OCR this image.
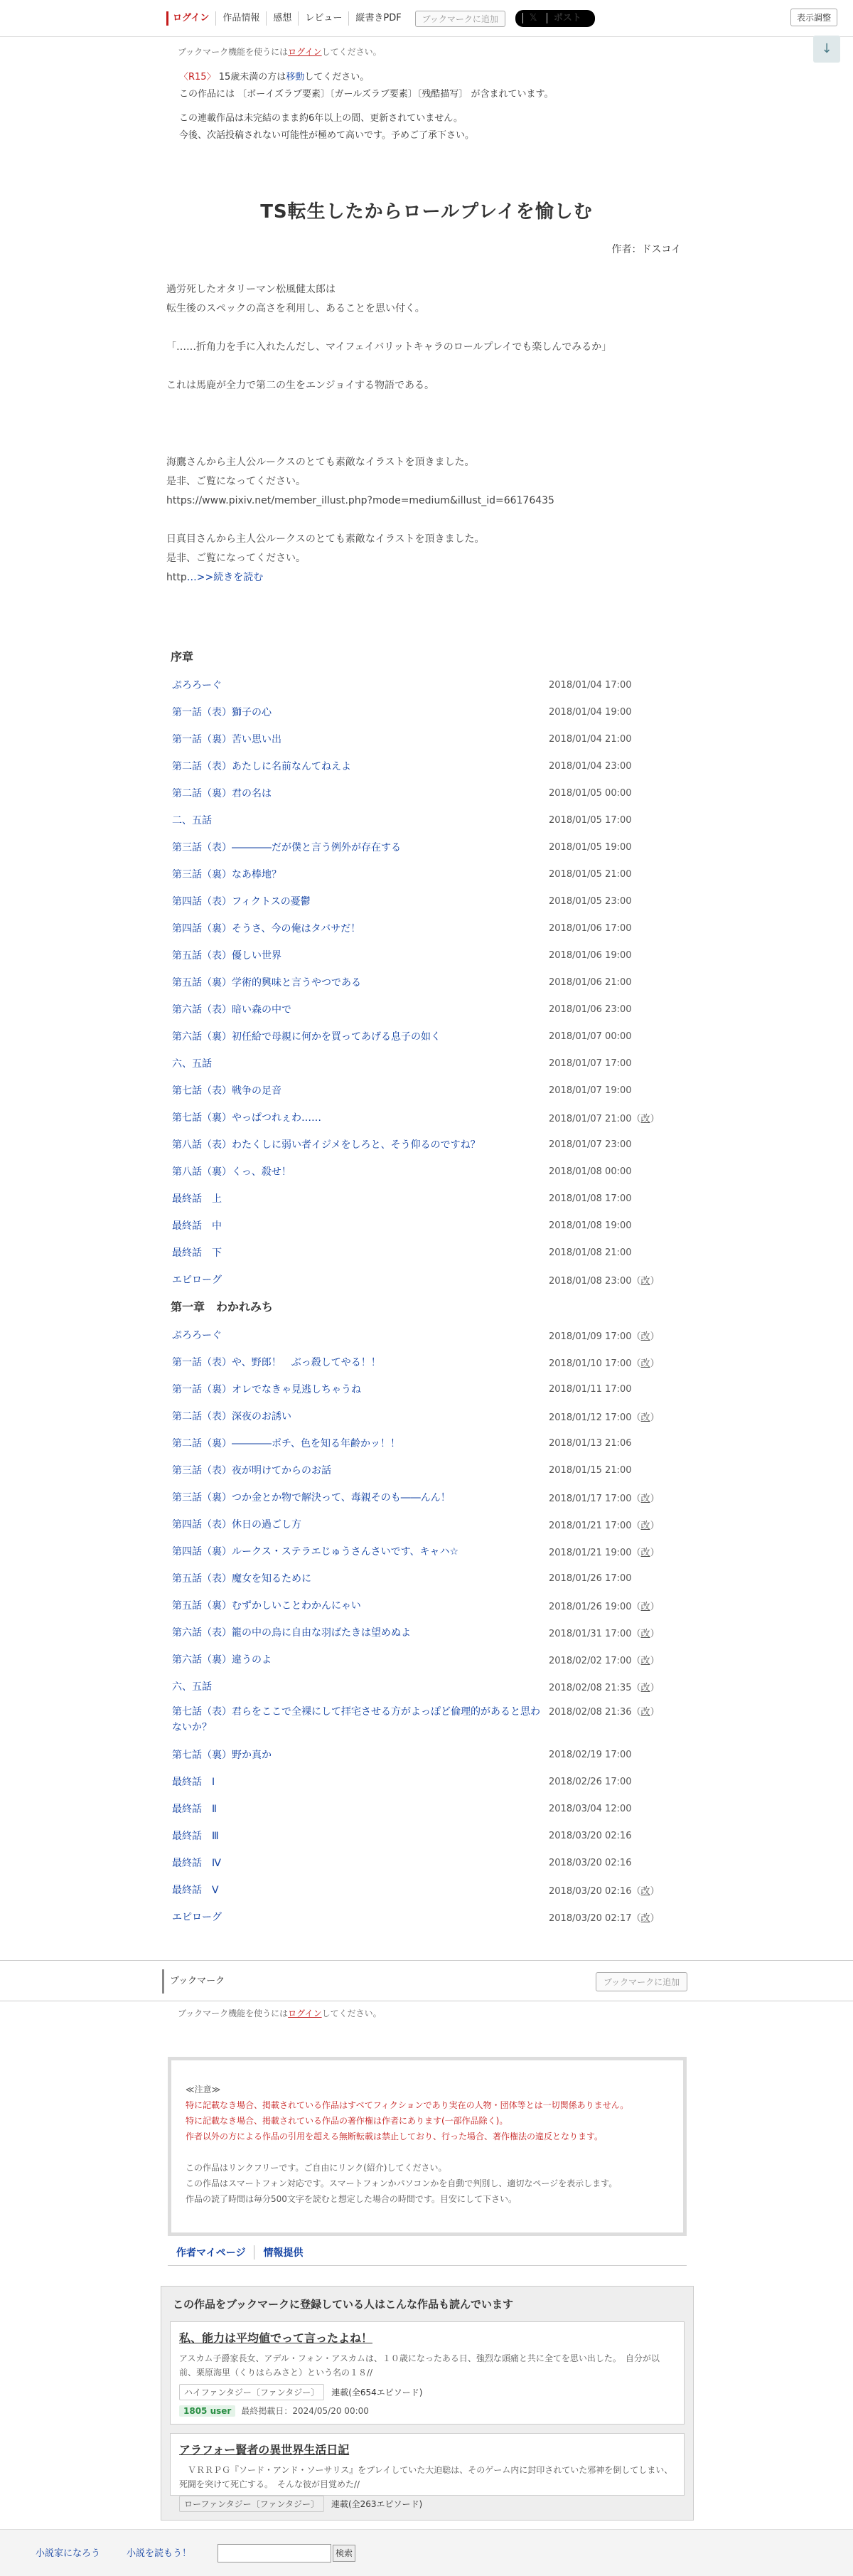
ログイン	作品情報	感想	レビュー	縦書きPDF	ブックマークに追加	𝕏 ポスト	表示調整
↓
ブックマーク機能を使うにはログインしてください。
〈R15〉 15歳未満の方は移動してください。
この作品には 〔ボーイズラブ要素〕〔ガールズラブ要素〕〔残酷描写〕 が含まれています。
この連載作品は未完結のまま約6年以上の間、更新されていません。
今後、次話投稿されない可能性が極めて高いです。予めご了承下さい。
TS転生したからロールプレイを愉しむ
作者：ドスコイ
過労死したオタリーマン松風健太郎は
転生後のスペックの高さを利用し、あることを思い付く。
「……折角力を手に入れたんだし、マイフェイバリットキャラのロールプレイでも楽しんでみるか」
これは馬鹿が全力で第二の生をエンジョイする物語である。
海鷹さんから主人公ルークスのとても素敵なイラストを頂きました。
是非、ご覧になってください。
https://www.pixiv.net/member_illust.php?mode=medium&illust_id=66176435
日真目さんから主人公ルークスのとても素敵なイラストを頂きました。
是非、ご覧になってください。
http…>>続きを読む
序章
ぷろろーぐ	2018/01/04 17:00
第一話（表）獅子の心	2018/01/04 19:00
第一話（裏）苦い思い出	2018/01/04 21:00
第二話（表）あたしに名前なんてねえよ	2018/01/04 23:00
第二話（裏）君の名は	2018/01/05 00:00
二、五話	2018/01/05 17:00
第三話（表）――――だが僕と言う例外が存在する	2018/01/05 19:00
第三話（裏）なあ棒地？	2018/01/05 21:00
第四話（表）フィクトスの憂鬱	2018/01/05 23:00
第四話（裏）そうさ、今の俺はタバサだ！	2018/01/06 17:00
第五話（表）優しい世界	2018/01/06 19:00
第五話（裏）学術的興味と言うやつである	2018/01/06 21:00
第六話（表）暗い森の中で	2018/01/06 23:00
第六話（裏）初任給で母親に何かを買ってあげる息子の如く	2018/01/07 00:00
六、五話	2018/01/07 17:00
第七話（表）戦争の足音	2018/01/07 19:00
第七話（裏）やっぱつれぇわ……	2018/01/07 21:00（改）
第八話（表）わたくしに弱い者イジメをしろと、そう仰るのですね？	2018/01/07 23:00
第八話（裏）くっ、殺せ！	2018/01/08 00:00
最終話　上	2018/01/08 17:00
最終話　中	2018/01/08 19:00
最終話　下	2018/01/08 21:00
エピローグ	2018/01/08 23:00（改）
第一章　わかれみち
ぷろろーぐ	2018/01/09 17:00（改）
第一話（表）や、野郎！　ぶっ殺してやる！！	2018/01/10 17:00（改）
第一話（裏）オレでなきゃ見逃しちゃうね	2018/01/11 17:00
第二話（表）深夜のお誘い	2018/01/12 17:00（改）
第二話（裏）――――ポチ、色を知る年齢かッ！！	2018/01/13 21:06
第三話（表）夜が明けてからのお話	2018/01/15 21:00
第三話（裏）つか金とか物で解決って、毒親そのも――んん！	2018/01/17 17:00（改）
第四話（表）休日の過ごし方	2018/01/21 17:00（改）
第四話（裏）ルークス・ステラエじゅうさんさいです、キャハ☆	2018/01/21 19:00（改）
第五話（表）魔女を知るために	2018/01/26 17:00
第五話（裏）むずかしいことわかんにゃい	2018/01/26 19:00（改）
第六話（表）籠の中の鳥に自由な羽ばたきは望めぬよ	2018/01/31 17:00（改）
第六話（裏）違うのよ	2018/02/02 17:00（改）
六、五話	2018/02/08 21:35（改）
第七話（表）君らをここで全裸にして拝宅させる方がよっぽど倫理的があると思わないか？
2018/02/08 21:36（改）
第七話（裏）野か真か	2018/02/19 17:00
最終話　Ⅰ	2018/02/26 17:00
最終話　Ⅱ	2018/03/04 12:00
最終話　Ⅲ	2018/03/20 02:16
最終話　Ⅳ	2018/03/20 02:16
最終話　Ⅴ	2018/03/20 02:16（改）
エピローグ	2018/03/20 02:17（改）
ブックマーク	ブックマークに追加
ブックマーク機能を使うにはログインしてください。
≪注意≫
特に記載なき場合、掲載されている作品はすべてフィクションであり実在の人物・団体等とは一切関係ありません。
特に記載なき場合、掲載されている作品の著作権は作者にあります(一部作品除く)。
作者以外の方による作品の引用を超える無断転載は禁止しており、行った場合、著作権法の違反となります。
この作品はリンクフリーです。ご自由にリンク(紹介)してください。
この作品はスマートフォン対応です。スマートフォンかパソコンかを自動で判別し、適切なページを表示します。
作品の読了時間は毎分500文字を読むと想定した場合の時間です。目安にして下さい。
作者マイページ	情報提供
この作品をブックマークに登録している人はこんな作品も読んでいます
私、能力は平均値でって言ったよね！
アスカム子爵家長女、アデル・フォン・アスカムは、１０歳になったある日、強烈な頭痛と共に全てを思い出した。　自分が以前、栗原海里（くりはらみさと）という名の１８//
ハイファンタジー〔ファンタジー〕	連載(全654エピソード)
1805 user	最終掲載日：2024/05/20 00:00
アラフォー賢者の異世界生活日記
　ＶＲＲＰＧ『ソード・アンド・ソーサリス』をプレイしていた大迫聡は、そのゲーム内に封印されていた邪神を倒してしまい、死闘を突けて死亡する。　そんな彼が目覚めた//
ローファンタジー〔ファンタジー〕	連載(全263エピソード)
小説家になろう	小説を読もう！	検索
